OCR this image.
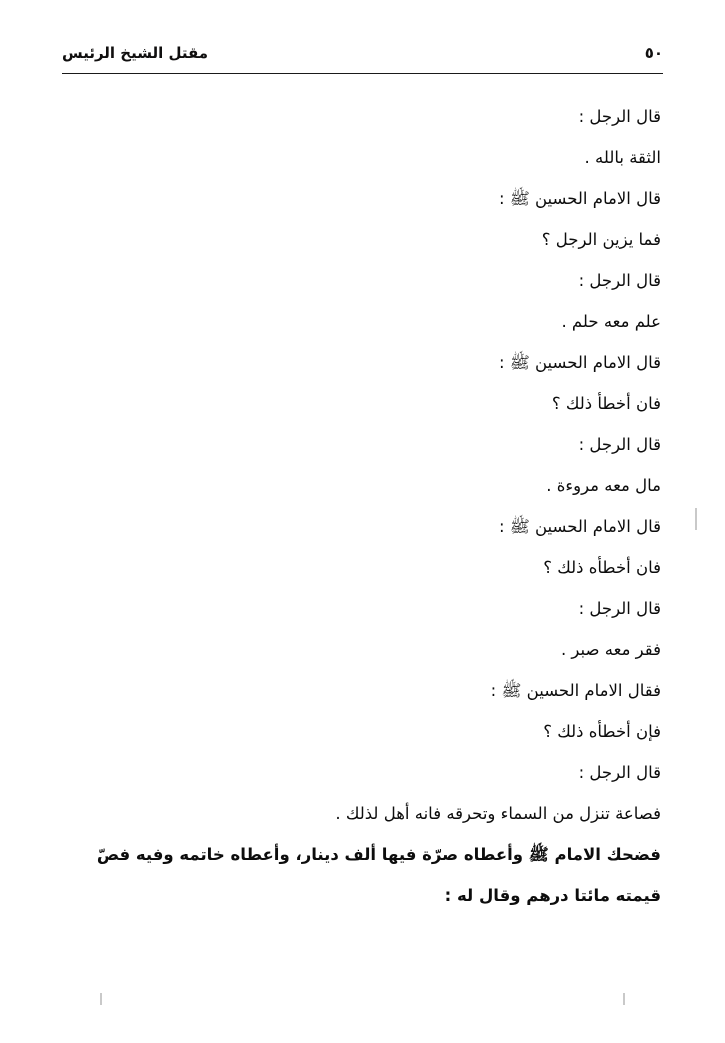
مقتل الشيخ الرئيس	٥٠
قال الرجل :
الثقة بالله .
قال الامام الحسين ﷺ :
فما يزين الرجل ؟
قال الرجل :
علم معه حلم .
قال الامام الحسين ﷺ :
فان أخطأ ذلك ؟
قال الرجل :
مال معه مروءة .
قال الامام الحسين ﷺ :
فان أخطأه ذلك ؟
قال الرجل :
فقر معه صبر .
فقال الامام الحسين ﷺ :
فإن أخطأه ذلك ؟
قال الرجل :
فصاعة تنزل من السماء وتحرقه فانه أهل لذلك .
فضحك الامام ﷺ وأعطاه صرّة فيها ألف دينار، وأعطاه خاتمه وفيه فصّ قيمته مائتا درهم وقال له :
